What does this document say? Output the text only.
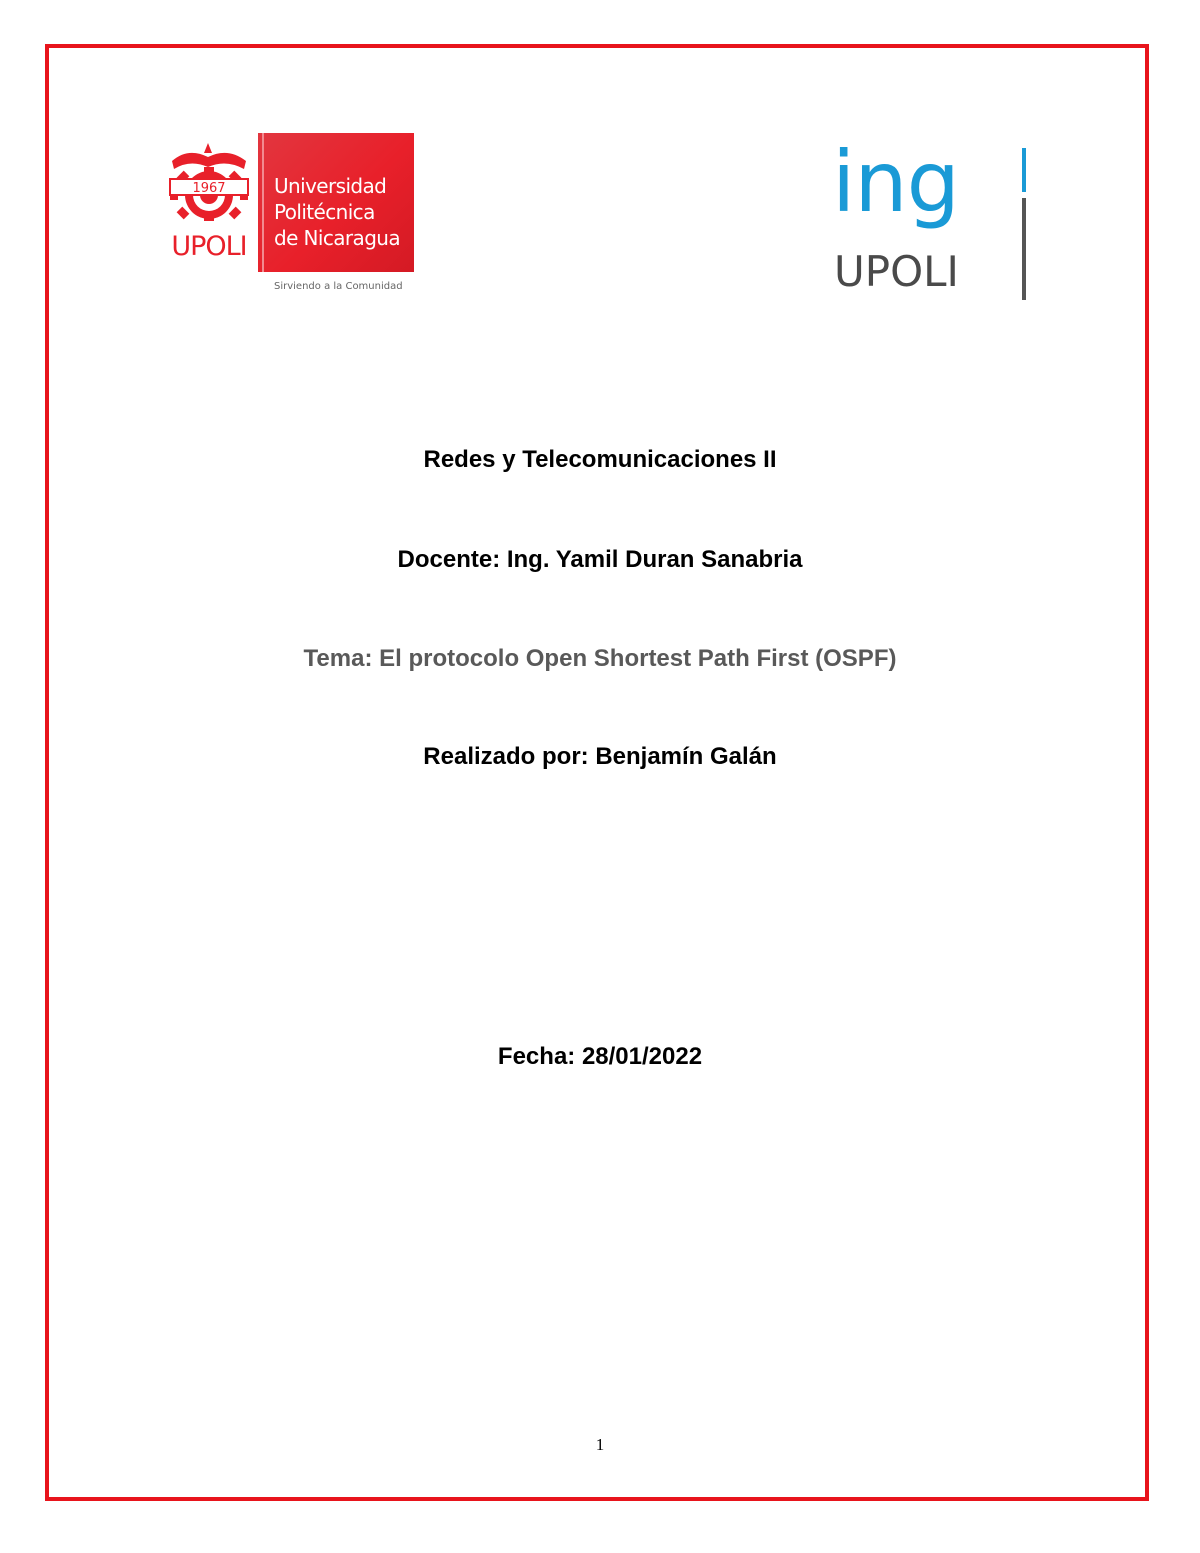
1967
UPOLI
Universidad
Politécnica
de Nicaragua
Sirviendo a la Comunidad
ing
UPOLI
Redes y Telecomunicaciones II
Docente: Ing. Yamil Duran Sanabria
Tema: El protocolo Open Shortest Path First (OSPF)
Realizado por: Benjamín Galán
Fecha: 28/01/2022
1
